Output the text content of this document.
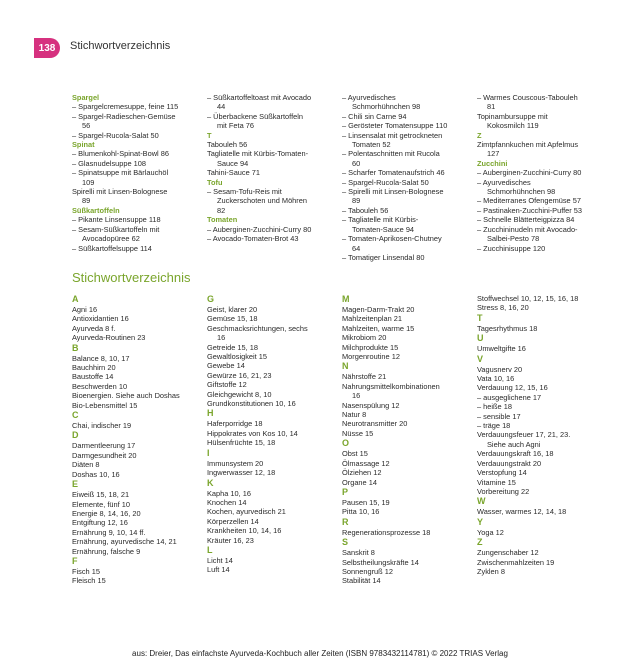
138	Stichwortverzeichnis
Spargel
– Spargelcremesuppe, feine 115
– Spargel-Radieschen-Gemüse
56
– Spargel-Rucola-Salat 50
Spinat
– Blumenkohl-Spinat-Bowl 86
– Glasnudelsuppe 108
– Spinatsuppe mit Bärlauchöl
109
Spirelli mit Linsen-Bolognese
89
Süßkartoffeln
– Pikante Linsensuppe 118
– Sesam-Süßkartoffeln mit
Avocadopüree 62
– Süßkartoffelsuppe 114
– Süßkartoffeltoast mit Avocado
44
– Überbackene Süßkartoffeln
mit Feta 76
T
Tabouleh 56
Tagliatelle mit Kürbis-Tomaten-
Sauce 94
Tahini-Sauce 71
Tofu
– Sesam-Tofu-Reis mit
Zuckerschoten und Möhren
82
Tomaten
– Auberginen-Zucchini-Curry 80
– Avocado-Tomaten-Brot 43
– Ayurvedisches
Schmorhühnchen 98
– Chili sin Carne 94
– Gerösteter Tomatensuppe 110
– Linsensalat mit getrockneten
Tomaten 52
– Polentaschnitten mit Rucola
60
– Scharfer Tomatenaufstrich 46
– Spargel-Rucola-Salat 50
– Spirelli mit Linsen-Bolognese
89
– Tabouleh 56
– Tagliatelle mit Kürbis-
Tomaten-Sauce 94
– Tomaten-Aprikosen-Chutney
64
– Tomatiger Linsendal 80
– Warmes Couscous-Tabouleh
81
Topinambursuppe mit
Kokosmilch 119
Z
Zimtpfannkuchen mit Apfelmus
127
Zucchini
– Auberginen-Zucchini-Curry 80
– Ayurvedisches
Schmorhühnchen 98
– Mediterranes Ofengemüse 57
– Pastinaken-Zucchini-Puffer 53
– Schnelle Blätterteigpizza 84
– Zucchininudeln mit Avocado-
Salbei-Pesto 78
– Zucchinisuppe 120
Stichwortverzeichnis
A
Agni 16
Antioxidantien 16
Ayurveda 8 f.
Ayurveda-Routinen 23
B
Balance 8, 10, 17
Bauchhirn 20
Baustoffe 14
Beschwerden 10
Bioenergien. Siehe auch Doshas
Bio-Lebensmittel 15
C
Chai, indischer 19
D
Darmentleerung 17
Darmgesundheit 20
Diäten 8
Doshas 10, 16
E
Eiweiß 15, 18, 21
Elemente, fünf 10
Energie 8, 14, 16, 20
Entgiftung 12, 16
Ernährung 9, 10, 14 ff.
Ernährung, ayurvedische 14, 21
Ernährung, falsche 9
F
Fisch 15
Fleisch 15
G
Geist, klarer 20
Gemüse 15, 18
Geschmacksrichtungen, sechs
16
Getreide 15, 18
Gewaltlosigkeit 15
Gewebe 14
Gewürze 16, 21, 23
Giftstoffe 12
Gleichgewicht 8, 10
Grundkonstitutionen 10, 16
H
Haferporridge 18
Hippokrates von Kos 10, 14
Hülsenfrüchte 15, 18
I
Immunsystem 20
Ingwerwasser 12, 18
K
Kapha 10, 16
Knochen 14
Kochen, ayurvedisch 21
Körperzellen 14
Krankheiten 10, 14, 16
Kräuter 16, 23
L
Licht 14
Luft 14
M
Magen-Darm-Trakt 20
Mahlzeitenplan 21
Mahlzeiten, warme 15
Mikrobiom 20
Milchprodukte 15
Morgenroutine 12
N
Nährstoffe 21
Nahrungsmittelkombinationen
16
Nasenspülung 12
Natur 8
Neurotransmitter 20
Nüsse 15
O
Obst 15
Ölmassage 12
Ölziehen 12
Organe 14
P
Pausen 15, 19
Pitta 10, 16
R
Regenerationsprozesse 18
S
Sanskrit 8
Selbstheilungskräfte 14
Sonnengruß 12
Stabilität 14
Stoffwechsel 10, 12, 15, 16, 18
Stress 8, 16, 20
T
Tagesrhythmus 18
U
Umweltgifte 16
V
Vagusnerv 20
Vata 10, 16
Verdauung 12, 15, 16
– ausgeglichene 17
– heiße 18
– sensible 17
– träge 18
Verdauungsfeuer 17, 21, 23.
Siehe auch Agni
Verdauungskraft 16, 18
Verdauungstrakt 20
Verstopfung 14
Vitamine 15
Vorbereitung 22
W
Wasser, warmes 12, 14, 18
Y
Yoga 12
Z
Zungenschaber 12
Zwischenmahlzeiten 19
Zyklen 8
aus: Dreier, Das einfachste Ayurveda-Kochbuch aller Zeiten (ISBN 9783432114781) © 2022 TRIAS Verlag
